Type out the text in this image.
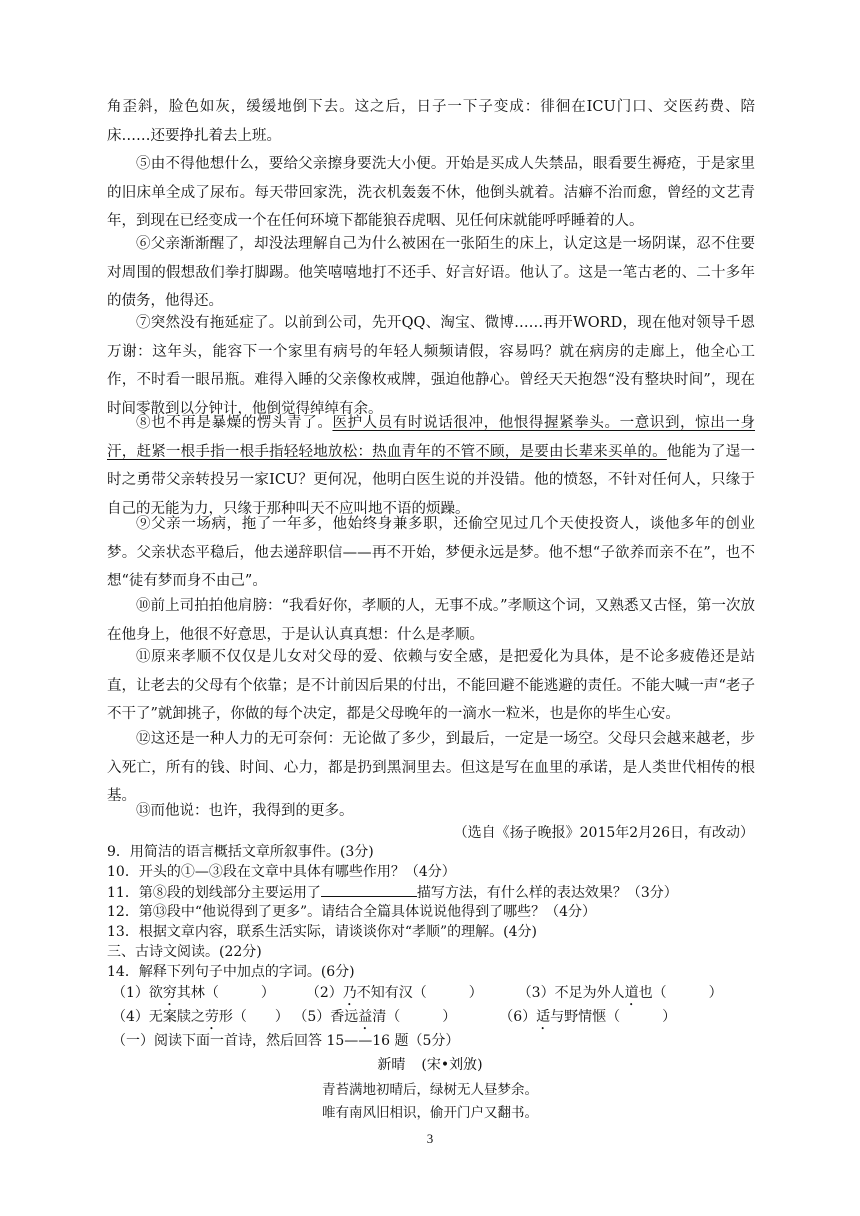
角歪斜，脸色如灰，缓缓地倒下去。这之后，日子一下子变成：徘徊在ICU门口、交医药费、陪床……还要挣扎着去上班。

⑤由不得他想什么，要给父亲擦身要洗大小便。开始是买成人失禁品，眼看要生褥疮，于是家里的旧床单全成了尿布。每天带回家洗，洗衣机轰轰不休，他倒头就着。洁癖不治而愈，曾经的文艺青年，到现在已经变成一个在任何环境下都能狼吞虎咽、见任何床就能呼呼睡着的人。

⑥父亲渐渐醒了，却没法理解自己为什么被困在一张陌生的床上，认定这是一场阴谋，忍不住要对周围的假想敌们拳打脚踢。他笑嘻嘻地打不还手、好言好语。他认了。这是一笔古老的、二十多年的债务，他得还。

⑦突然没有拖延症了。以前到公司，先开QQ、淘宝、微博……再开WORD，现在他对领导千恩万谢：这年头，能容下一个家里有病号的年轻人频频请假，容易吗？就在病房的走廊上，他全心工作，不时看一眼吊瓶。难得入睡的父亲像枚戒牌，强迫他静心。曾经天天抱怨“没有整块时间”，现在时间零散到以分钟计，他倒觉得绰绰有余。

⑧也不再是暴燥的愣头青了。医护人员有时说话很冲，他恨得握紧拳头。一意识到，惊出一身汗，赶紧一根手指一根手指轻轻地放松：热血青年的不管不顾，是要由长辈来买单的。他能为了逞一时之勇带父亲转投另一家ICU？更何况，他明白医生说的并没错。他的愤怒，不针对任何人，只缘于自己的无能为力，只缘于那种叫天不应叫地不语的烦躁。

⑨父亲一场病，拖了一年多，他始终身兼多职，还偷空见过几个天使投资人，谈他多年的创业梦。父亲状态平稳后，他去递辞职信——再不开始，梦便永远是梦。他不想“子欲养而亲不在”，也不想“徒有梦而身不由己”。

⑩前上司拍拍他肩膀：“我看好你，孝顺的人，无事不成。”孝顺这个词，又熟悉又古怪，第一次放在他身上，他很不好意思，于是认认真真想：什么是孝顺。

⑪原来孝顺不仅仅是儿女对父母的爱、依赖与安全感，是把爱化为具体，是不论多疲倦还是站直，让老去的父母有个依靠；是不计前因后果的付出，不能回避不能逃避的责任。不能大喊一声“老子不干了”就卸挑子，你做的每个决定，都是父母晚年的一滴水一粒米，也是你的毕生心安。

⑫这还是一种人力的无可奈何：无论做了多少，到最后，一定是一场空。父母只会越来越老，步入死亡，所有的钱、时间、心力，都是扔到黑洞里去。但这是写在血里的承诺，是人类世代相传的根基。

⑬而他说：也许，我得到的更多。

（选自《扬子晚报》2015年2月26日，有改动）

9．用简洁的语言概括文章所叙事件。(3分)

10．开头的①—③段在文章中具体有哪些作用？（4分）

11．第⑧段的划线部分主要运用了	描写方法，有什么样的表达效果？（3分）

12．第⑬段中“他说得到了更多”。请结合全篇具体说说他得到了哪些？（4分）

13．根据文章内容，联系生活实际，请谈谈你对“孝顺”的理解。(4分)

三、古诗文阅读。(22分)

14．解释下列句子中加点的字词。(6分)

（1）欲穷其林（　　　） （2）乃不知有汉（　　　） （3）不足为外人道也（　　　）

（4）无案牍之劳形（　　） （5）香远益清（　　　）	（6）适与野情惬（　　　）

（一）阅读下面一首诗，然后回答 15——16 题（5分）

新晴 (宋•刘攽)

青苔满地初晴后，绿树无人昼梦余。

唯有南风旧相识，偷开门户又翻书。

3
